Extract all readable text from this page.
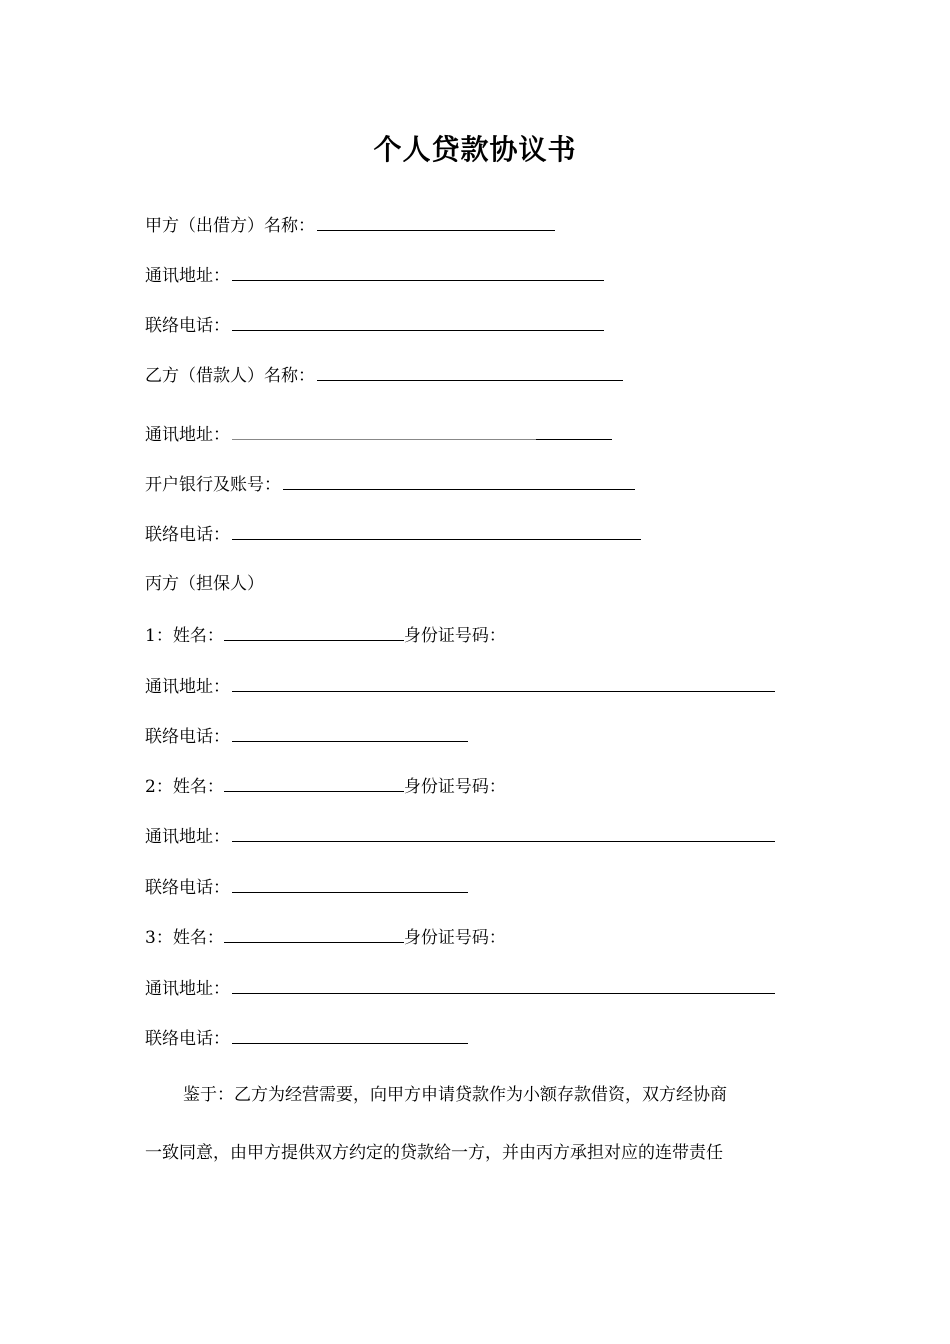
个人贷款协议书
甲方（出借方）名称：
通讯地址：
联络电话：
乙方（借款人）名称：
通讯地址：
开户银行及账号：
联络电话：
丙方（担保人）
1：姓名：	身份证号码：
通讯地址：
联络电话：
2：姓名：	身份证号码：
通讯地址：
联络电话：
3：姓名：	身份证号码：
通讯地址：
联络电话：
鉴于：乙方为经营需要，向甲方申请贷款作为小额存款借资，双方经协商
一致同意，由甲方提供双方约定的贷款给一方，并由丙方承担对应的连带责任
